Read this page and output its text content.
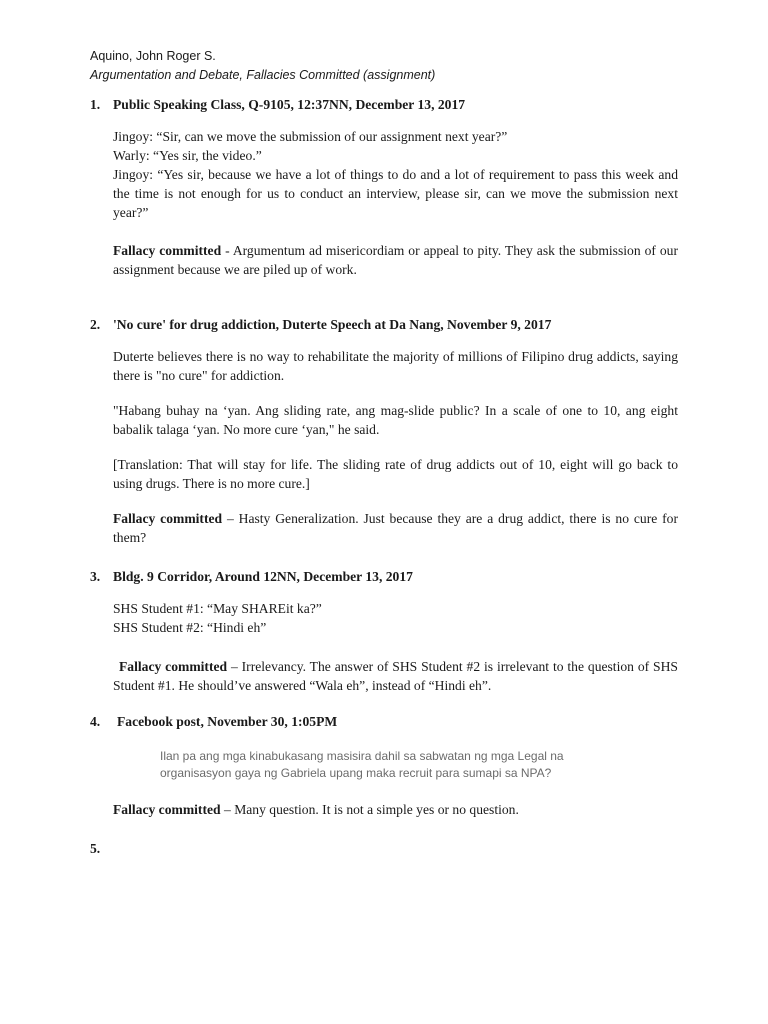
Aquino, John Roger S.
Argumentation and Debate, Fallacies Committed (assignment)
1. Public Speaking Class, Q-9105, 12:37NN, December 13, 2017

Jingoy: “Sir, can we move the submission of our assignment next year?”

Warly: “Yes sir, the video.”

Jingoy: “Yes sir, because we have a lot of things to do and a lot of requirement to pass this week and the time is not enough for us to conduct an interview, please sir, can we move the submission next year?”

Fallacy committed - Argumentum ad misericordiam or appeal to pity. They ask the submission of our assignment because we are piled up of work.

2. 'No cure' for drug addiction, Duterte Speech at Da Nang, November 9, 2017

Duterte believes there is no way to rehabilitate the majority of millions of Filipino drug addicts, saying there is "no cure" for addiction.

"Habang buhay na ‘yan. Ang sliding rate, ang mag-slide public? In a scale of one to 10, ang eight babalik talaga ‘yan. No more cure ‘yan," he said.

[Translation: That will stay for life. The sliding rate of drug addicts out of 10, eight will go back to using drugs. There is no more cure.]

Fallacy committed – Hasty Generalization. Just because they are a drug addict, there is no cure for them?

3. Bldg. 9 Corridor, Around 12NN, December 13, 2017

SHS Student #1: “May SHAREit ka?”

SHS Student #2: “Hindi eh”

Fallacy committed – Irrelevancy. The answer of SHS Student #2 is irrelevant to the question of SHS Student #1. He should’ve answered “Wala eh”, instead of “Hindi eh”.

4.	Facebook post, November 30, 1:05PM
Ilan pa ang mga kinabukasang masisira dahil sa sabwatan ng mga Legal na
organisasyon gaya ng Gabriela upang maka recruit para sumapi sa NPA?

Fallacy committed – Many question. It is not a simple yes or no question.

5.
